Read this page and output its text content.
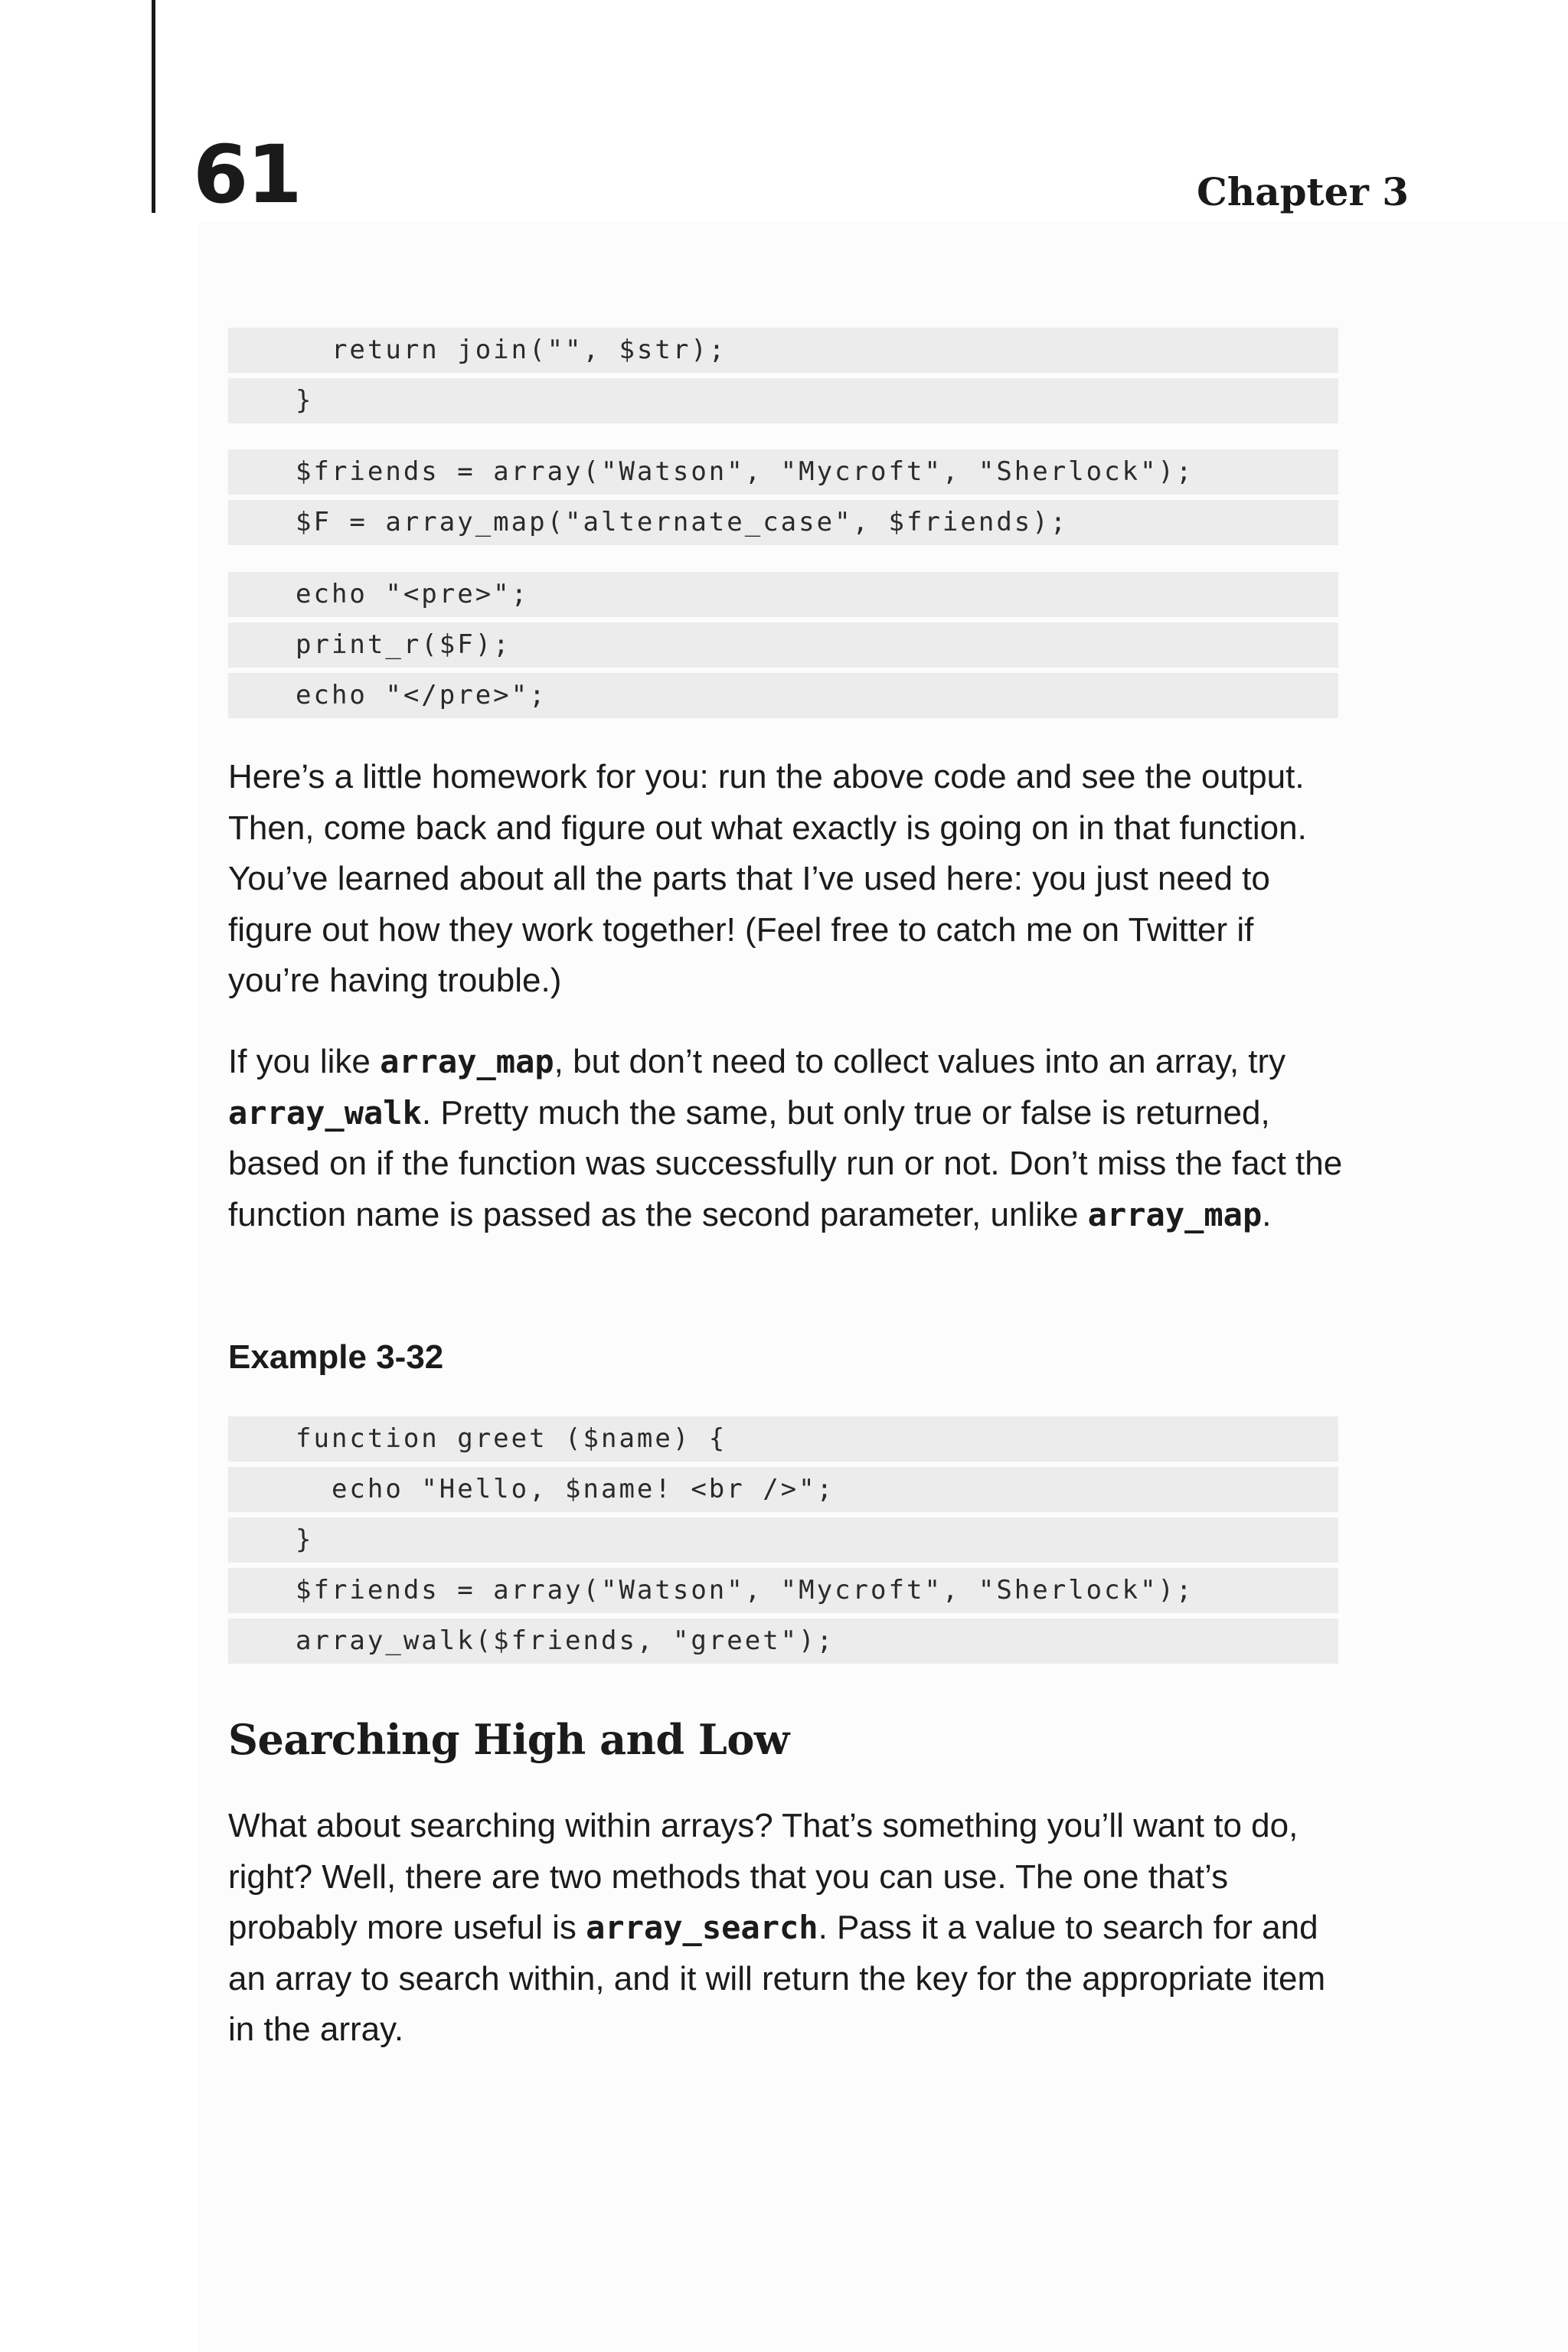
61	Chapter 3
return join("", $str);
}
$friends = array("Watson", "Mycroft", "Sherlock");
$F = array_map("alternate_case", $friends);
echo "<pre>";
print_r($F);
echo "</pre>";

Here’s a little homework for you: run the above code and see the output. Then, come back and figure out what exactly is going on in that function. You’ve learned about all the parts that I’ve used here: you just need to figure out how they work together! (Feel free to catch me on Twitter if you’re having trouble.)

If you like array_map, but don’t need to collect values into an array, try array_walk. Pretty much the same, but only true or false is returned, based on if the function was successfully run or not. Don’t miss the fact the function name is passed as the second parameter, unlike array_map.

Example 3-32
function greet ($name) {
echo "Hello, $name! <br />";
}
$friends = array("Watson", "Mycroft", "Sherlock");
array_walk($friends, "greet");
Searching High and Low

What about searching within arrays? That’s something you’ll want to do, right? Well, there are two methods that you can use. The one that’s probably more useful is array_search. Pass it a value to search for and an array to search within, and it will return the key for the appropriate item in the array.
